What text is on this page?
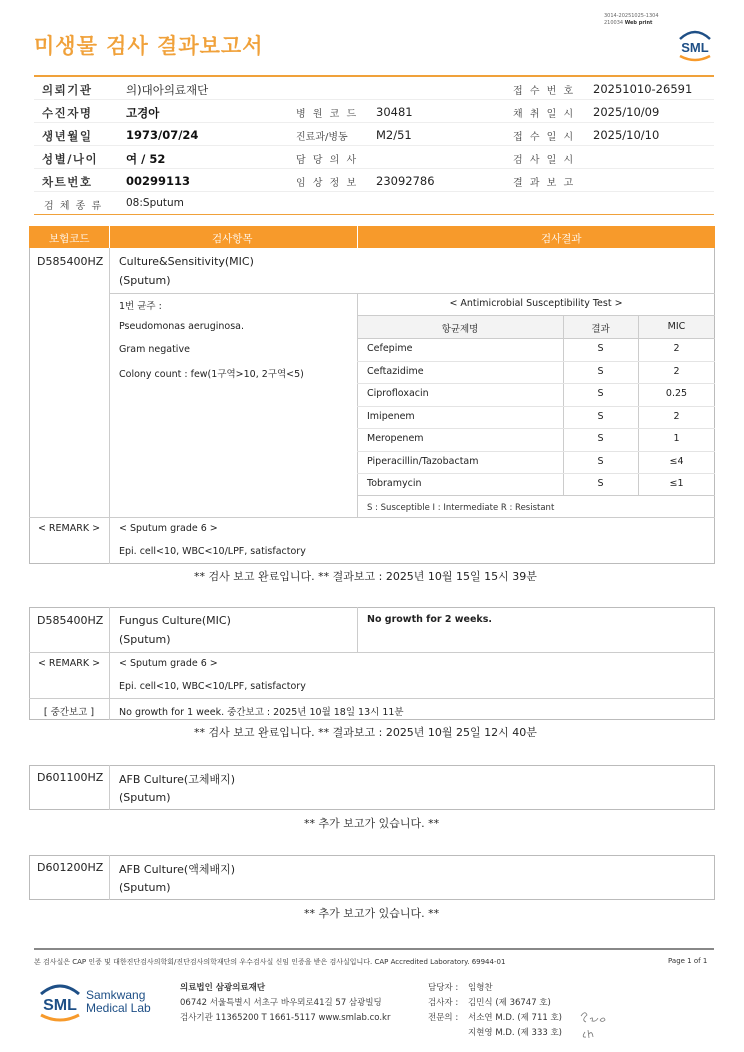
3014-20251025-1304
210034 Web print
미생물 검사 결과보고서	SML
의뢰기관	의)대아의료재단	접 수 번 호 20251010-26591
수진자명	고경아	병 원 코 드 30481	채 취 일 시 2025/10/09
생년월일	1973/07/24	진료과/병동 M2/51	접 수 일 시 2025/10/10
성별/나이 여 / 52	담 당 의 사	검 사 일 시
차트번호	00299113	임 상 정 보 23092786	결 과 보 고
검 체 종 류 08:Sputum
보험코드	검사항목	검사결과
D585400HZ Culture&Sensitivity(MIC)
(Sputum)
1번 균주 :
Pseudomonas aeruginosa.
Gram negative
Colony count : few(1구역>10, 2구역<5)
< Antimicrobial Susceptibility Test >
항균제명	결과	MIC
Cefepime	S	2
Ceftazidime	S	2
Ciprofloxacin	S	0.25
Imipenem	S	2
Meropenem	S	1
Piperacillin/Tazobactam	S	≤4
Tobramycin	S	≤1
S : Susceptible I : Intermediate R : Resistant
< REMARK >	< Sputum grade 6 >
Epi. cell<10, WBC<10/LPF, satisfactory
** 검사 보고 완료입니다. ** 결과보고 : 2025년 10월 15일 15시 39분
D585400HZ Fungus Culture(MIC)
(Sputum)
No growth for 2 weeks.
< REMARK >	< Sputum grade 6 >
Epi. cell<10, WBC<10/LPF, satisfactory
[ 중간보고 ]	No growth for 1 week. 중간보고 : 2025년 10월 18일 13시 11분
** 검사 보고 완료입니다. ** 결과보고 : 2025년 10월 25일 12시 40분
D601100HZ AFB Culture(고체배지)
(Sputum)
** 추가 보고가 있습니다. **
D601200HZ AFB Culture(액체배지)
(Sputum)
** 추가 보고가 있습니다. **
본 검사실은 CAP 인증 및 대한진단검사의학회/진단검사의학재단의 우수검사실 신임 인증을 받은 검사실입니다. CAP Accredited Laboratory. 69944-01	Page 1 of 1
SML
Samkwang
Medical Lab
의료법인 삼광의료재단
06742 서울특별시 서초구 바우뫼로41길 57 삼광빌딩
검사기관 11365200 T 1661-5117 www.smlab.co.kr
담당자 : 임형찬
검사자 : 김민식 (제 36747 호)
전문의 : 서소연 M.D. (제 711 호)
지현영 M.D. (제 333 호)
